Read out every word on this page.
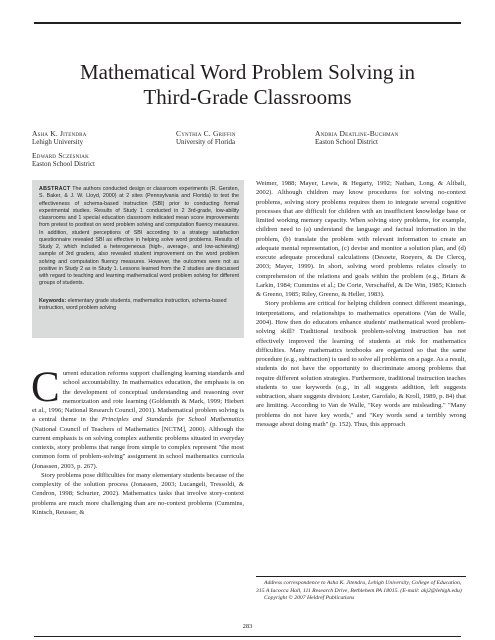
Mathematical Word Problem Solving in
Third-Grade Classrooms
Asha K. Jitendra
Lehigh University
Cynthia C. Griffin
University of Florida
Andria Deatline-Buchman
Easton School District
Edward Sczesniak
Easton School District
ABSTRACT The authors conducted design or classroom experiments (R. Gersten, S. Baker, & J. W. Lloyd, 2000) at 2 sites (Pennsylvania and Florida) to test the effectiveness of schema-based instruction (SBI) prior to conducting formal experimental studies. Results of Study 1 conducted in 2 3rd-grade, low-ability classrooms and 1 special education classroom indicated mean score improvements from pretest to posttest on word problem solving and computation fluency measures. In addition, student perceptions of SBI according to a strategy satisfaction questionnaire revealed SBI as effective in helping solve word problems. Results of Study 2, which included a heterogeneous (high-, average-, and low-achieving) sample of 3rd graders, also revealed student improvement on the word problem solving and computation fluency measures. However, the outcomes were not as positive in Study 2 as in Study 1. Lessons learned from the 2 studies are discussed with regard to teaching and learning mathematical word problem solving for different groups of students.
Keywords: elementary grade students, mathematics instruction, schema-based instruction, word problem solving

Current education reforms support challenging learning standards and school accountability. In mathematics education, the emphasis is on the development of conceptual understanding and reasoning over memorization and rote learning (Goldsmith & Mark, 1999; Hiebert et al., 1996; National Research Council, 2001). Mathematical problem solving is a central theme in the Principles and Standards for School Mathematics (National Council of Teachers of Mathematics [NCTM], 2000). Although the current emphasis is on solving complex authentic problems situated in everyday contexts, story problems that range from simple to complex represent "the most common form of problem-solving" assignment in school mathematics curricula (Jonassen, 2003, p. 267).

Story problems pose difficulties for many elementary students because of the complexity of the solution process (Jonassen, 2003; Lucangeli, Tressoldi, & Cendron, 1998; Schurter, 2002). Mathematics tasks that involve story-context problems are much more challenging than are no-context problems (Cummins, Kintsch, Reusser, &

Weimer, 1988; Mayer, Lewis, & Hegarty, 1992; Nathan, Long, & Alibali, 2002). Although children may know procedures for solving no-context problems, solving story problems requires them to integrate several cognitive processes that are difficult for children with an insufficient knowledge base or limited working memory capacity. When solving story problems, for example, children need to (a) understand the language and factual information in the problem, (b) translate the problem with relevant information to create an adequate mental representation, (c) devise and monitor a solution plan, and (d) execute adequate procedural calculations (Desoete, Roeyers, & De Clercq, 2003; Mayer, 1999). In short, solving word problems relates closely to comprehension of the relations and goals within the problem (e.g., Briars & Larkin, 1984; Cummins et al.; De Corte, Verschaffel, & De Win, 1985; Kintsch & Greeno, 1985; Riley, Greeno, & Heller, 1983).

Story problems are critical for helping children connect different meanings, interpretations, and relationships to mathematics operations (Van de Walle, 2004). How then do educators enhance students' mathematical word problem-solving skill? Traditional textbook problem-solving instruction has not effectively improved the learning of students at risk for mathematics difficulties. Many mathematics textbooks are organized so that the same procedure (e.g., subtraction) is used to solve all problems on a page. As a result, students do not have the opportunity to discriminate among problems that require different solution strategies. Furthermore, traditional instruction teaches students to use keywords (e.g., in all suggests addition, left suggests subtraction, share suggests division; Lester, Garofalo, & Kroll, 1989, p. 84) that are limiting. According to Van de Walle, "Key words are misleading." "Many problems do not have key words," and "Key words send a terribly wrong message about doing math" (p. 152). Thus, this approach

Address correspondence to Asha K. Jitendra, Lehigh University, College of Education, 315 A Iacocca Hall, 111 Research Drive, Bethlehem PA 18015. (E-mail: akj2@lehigh.edu)
Copyright © 2007 Heldref Publications
283
